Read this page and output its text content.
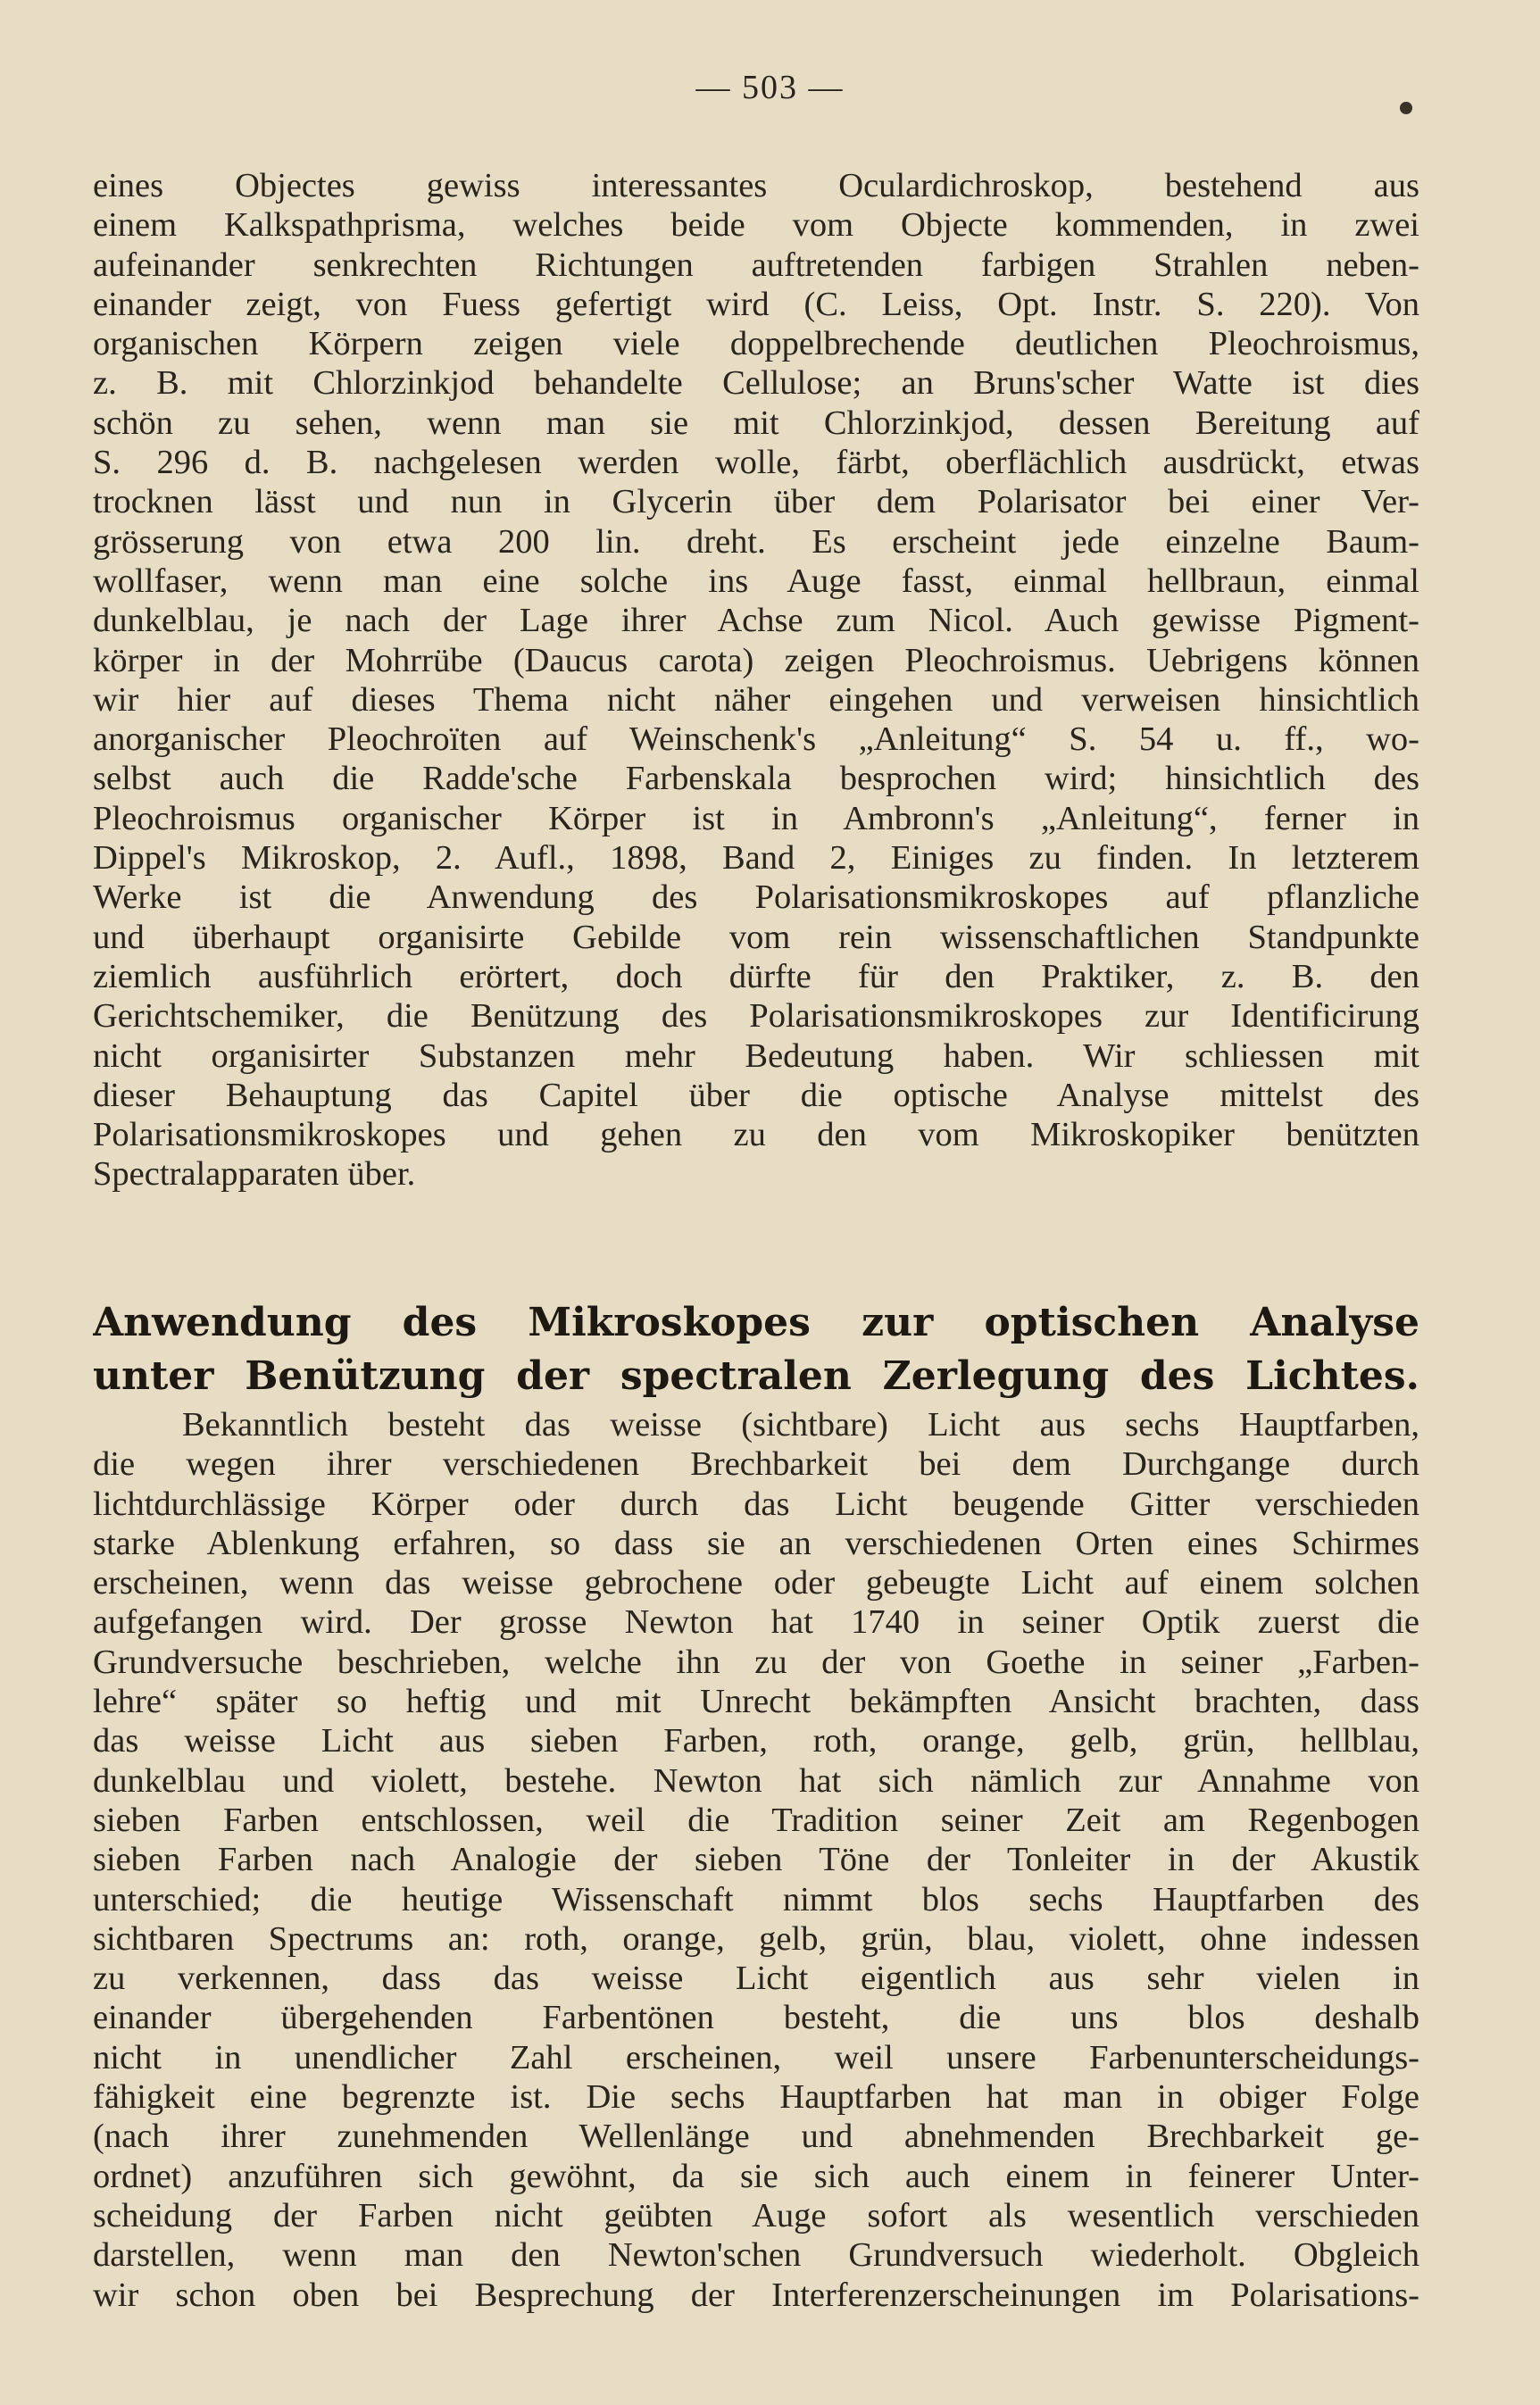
— 503 —
eines Objectes gewiss interessantes Oculardichroskop, bestehend aus
einem Kalkspathprisma, welches beide vom Objecte kommenden, in zwei
aufeinander senkrechten Richtungen auftretenden farbigen Strahlen neben-
einander zeigt, von Fuess gefertigt wird (C. Leiss, Opt. Instr. S. 220). Von
organischen Körpern zeigen viele doppelbrechende deutlichen Pleochroismus,
z. B. mit Chlorzinkjod behandelte Cellulose; an Bruns'scher Watte ist dies
schön zu sehen, wenn man sie mit Chlorzinkjod, dessen Bereitung auf
S. 296 d. B. nachgelesen werden wolle, färbt, oberflächlich ausdrückt, etwas
trocknen lässt und nun in Glycerin über dem Polarisator bei einer Ver-
grösserung von etwa 200 lin. dreht. Es erscheint jede einzelne Baum-
wollfaser, wenn man eine solche ins Auge fasst, einmal hellbraun, einmal
dunkelblau, je nach der Lage ihrer Achse zum Nicol. Auch gewisse Pigment-
körper in der Mohrrübe (Daucus carota) zeigen Pleochroismus. Uebrigens können
wir hier auf dieses Thema nicht näher eingehen und verweisen hinsichtlich
anorganischer Pleochroïten auf Weinschenk's „Anleitung“ S. 54 u. ff., wo-
selbst auch die Radde'sche Farbenskala besprochen wird; hinsichtlich des
Pleochroismus organischer Körper ist in Ambronn's „Anleitung“, ferner in
Dippel's Mikroskop, 2. Aufl., 1898, Band 2, Einiges zu finden. In letzterem
Werke ist die Anwendung des Polarisationsmikroskopes auf pflanzliche
und überhaupt organisirte Gebilde vom rein wissenschaftlichen Standpunkte
ziemlich ausführlich erörtert, doch dürfte für den Praktiker, z. B. den
Gerichtschemiker, die Benützung des Polarisationsmikroskopes zur Identificirung
nicht organisirter Substanzen mehr Bedeutung haben. Wir schliessen mit
dieser Behauptung das Capitel über die optische Analyse mittelst des
Polarisationsmikroskopes und gehen zu den vom Mikroskopiker benützten
Spectralapparaten über.
Anwendung des Mikroskopes zur optischen Analyse
unter Benützung der spectralen Zerlegung des Lichtes.
Bekanntlich besteht das weisse (sichtbare) Licht aus sechs Hauptfarben,
die wegen ihrer verschiedenen Brechbarkeit bei dem Durchgange durch
lichtdurchlässige Körper oder durch das Licht beugende Gitter verschieden
starke Ablenkung erfahren, so dass sie an verschiedenen Orten eines Schirmes
erscheinen, wenn das weisse gebrochene oder gebeugte Licht auf einem solchen
aufgefangen wird. Der grosse Newton hat 1740 in seiner Optik zuerst die
Grundversuche beschrieben, welche ihn zu der von Goethe in seiner „Farben-
lehre“ später so heftig und mit Unrecht bekämpften Ansicht brachten, dass
das weisse Licht aus sieben Farben, roth, orange, gelb, grün, hellblau,
dunkelblau und violett, bestehe. Newton hat sich nämlich zur Annahme von
sieben Farben entschlossen, weil die Tradition seiner Zeit am Regenbogen
sieben Farben nach Analogie der sieben Töne der Tonleiter in der Akustik
unterschied; die heutige Wissenschaft nimmt blos sechs Hauptfarben des
sichtbaren Spectrums an: roth, orange, gelb, grün, blau, violett, ohne indessen
zu verkennen, dass das weisse Licht eigentlich aus sehr vielen in
einander übergehenden Farbentönen besteht, die uns blos deshalb
nicht in unendlicher Zahl erscheinen, weil unsere Farbenunterscheidungs-
fähigkeit eine begrenzte ist. Die sechs Hauptfarben hat man in obiger Folge
(nach ihrer zunehmenden Wellenlänge und abnehmenden Brechbarkeit ge-
ordnet) anzuführen sich gewöhnt, da sie sich auch einem in feinerer Unter-
scheidung der Farben nicht geübten Auge sofort als wesentlich verschieden
darstellen, wenn man den Newton'schen Grundversuch wiederholt. Obgleich
wir schon oben bei Besprechung der Interferenzerscheinungen im Polarisations-
